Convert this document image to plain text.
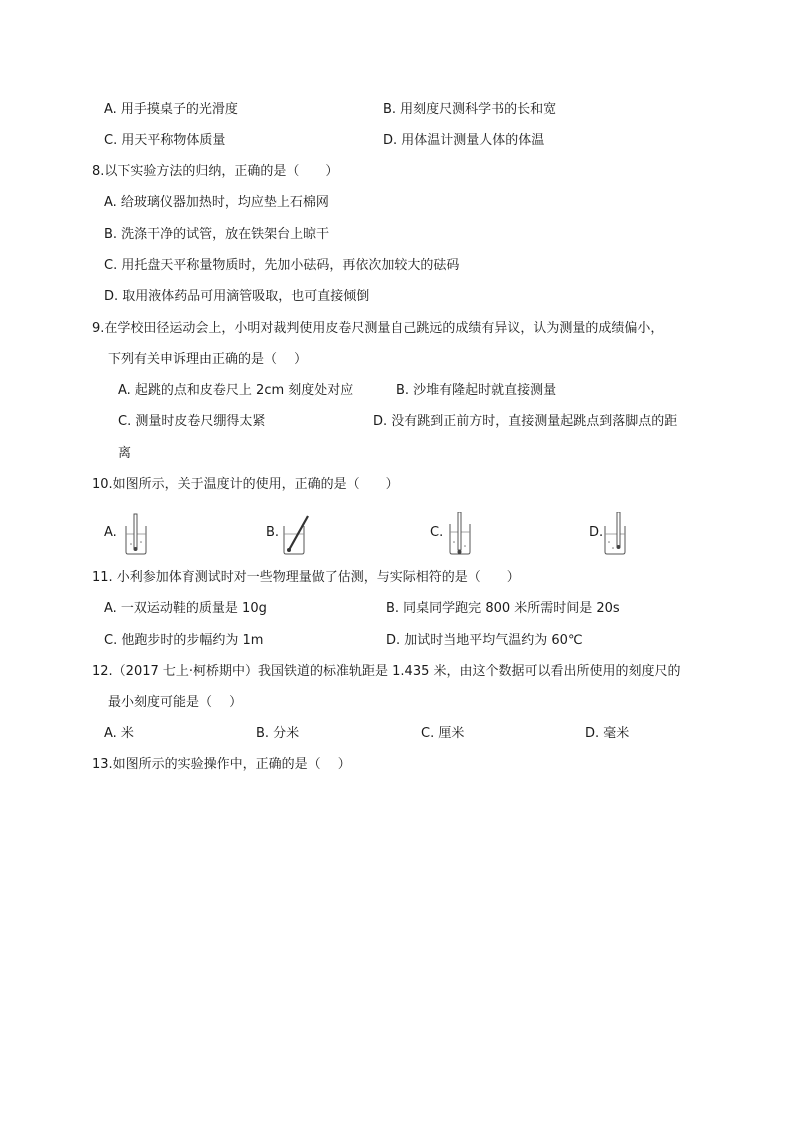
A. 用手摸桌子的光滑度	B. 用刻度尺测科学书的长和宽
C. 用天平称物体质量	D. 用体温计测量人体的体温
8.以下实验方法的归纳，正确的是（　　）
A. 给玻璃仪器加热时，均应垫上石棉网
B. 洗涤干净的试管，放在铁架台上晾干
C. 用托盘天平称量物质时，先加小砝码，再依次加较大的砝码
D. 取用液体药品可用滴管吸取，也可直接倾倒
9.在学校田径运动会上，小明对裁判使用皮卷尺测量自己跳远的成绩有异议，认为测量的成绩偏小，
下列有关申诉理由正确的是（　 ）
A. 起跳的点和皮卷尺上 2cm 刻度处对应	B. 沙堆有隆起时就直接测量
C. 测量时皮卷尺绷得太紧	D. 没有跳到正前方时，直接测量起跳点到落脚点的距
离
10.如图所示，关于温度计的使用，正确的是（　　）
A.	B.	C.	D.
11. 小利参加体育测试时对一些物理量做了估测，与实际相符的是（　　）
A. 一双运动鞋的质量是 10g	B. 同桌同学跑完 800 米所需时间是 20s
C. 他跑步时的步幅约为 1m	D. 加试时当地平均气温约为 60℃
12.（2017 七上·柯桥期中）我国铁道的标准轨距是 1.435 米，由这个数据可以看出所使用的刻度尺的
最小刻度可能是（　 ）
A. 米	B. 分米	C. 厘米	D. 毫米
13.如图所示的实验操作中，正确的是（　 ）
